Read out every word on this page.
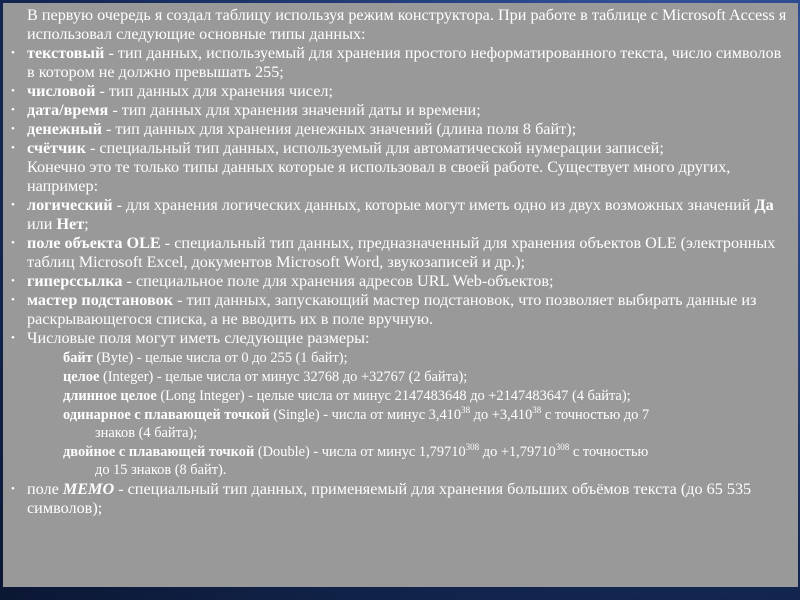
В первую очередь я создал таблицу используя режим конструктора. При работе в таблице с Microsoft Access я использовал следующие основные типы данных:

• текстовый - тип данных, используемый для хранения простого неформатированного текста, число символов в котором не должно превышать 255;

• числовой - тип данных для хранения чисел;

• дата/время - тип данных для хранения значений даты и времени;

• денежный - тип данных для хранения денежных значений (длина поля 8 байт);

• счётчик - специальный тип данных, используемый для автоматической нумерации записей;

Конечно это те только типы данных которые я использовал в своей работе. Существует много других, например:

• логический - для хранения логических данных, которые могут иметь одно из двух возможных значений Да или Нет;

• поле объекта OLE - специальный тип данных, предназначенный для хранения объектов OLE (электронных таблиц Microsoft Excel, документов Microsoft Word, звукозаписей и др.);

• гиперссылка - специальное поле для хранения адресов URL Web-объектов;

• мастер подстановок - тип данных, запускающий мастер подстановок, что позволяет выбирать данные из раскрывающегося списка, а не вводить их в поле вручную.

• Числовые поля могут иметь следующие размеры:

байт (Byte) - целые числа от 0 до 255 (1 байт);

целое (Integer) - целые числа от минус 32768 до +32767 (2 байта);

длинное целое (Long Integer) - целые числа от минус 2147483648 до +2147483647 (4 байта);

одинарное с плавающей точкой (Single) - числа от минус 3,410$^{38}$ до $+3,410^{38}$ с точностью до 7
знаков (4 байта);

двойное с плавающей точкой (Double) - числа от минус 1,79710$^{308}$ до $+1,79710^{308}$ с точностью
до 15 знаков (8 байт).

• поле MEMO - специальный тип данных, применяемый для хранения больших объёмов текста (до 65 535 символов);
